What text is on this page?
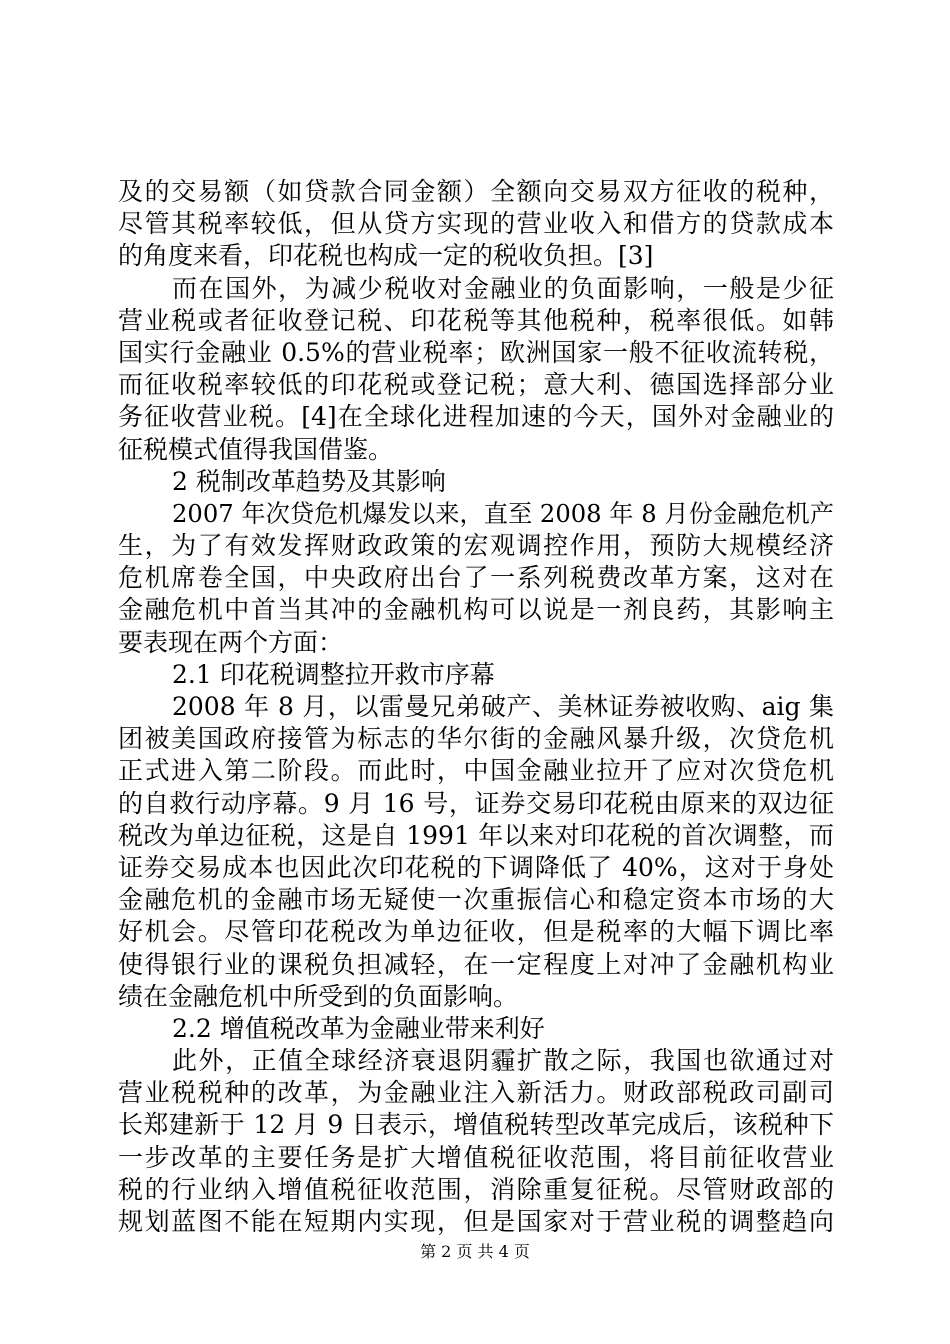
及的交易额（如贷款合同金额）全额向交易双方征收的税种，
尽管其税率较低，但从贷方实现的营业收入和借方的贷款成本
的角度来看，印花税也构成一定的税收负担。[3]
而在国外，为减少税收对金融业的负面影响，一般是少征
营业税或者征收登记税、印花税等其他税种，税率很低。如韩
国实行金融业 0.5%的营业税率；欧洲国家一般不征收流转税，
而征收税率较低的印花税或登记税；意大利、德国选择部分业
务征收营业税。[4]在全球化进程加速的今天，国外对金融业的
征税模式值得我国借鉴。
2 税制改革趋势及其影响
2007 年次贷危机爆发以来，直至 2008 年 8 月份金融危机产
生，为了有效发挥财政政策的宏观调控作用，预防大规模经济
危机席卷全国，中央政府出台了一系列税费改革方案，这对在
金融危机中首当其冲的金融机构可以说是一剂良药，其影响主
要表现在两个方面：
2.1 印花税调整拉开救市序幕
2008 年 8 月，以雷曼兄弟破产、美林证券被收购、aig 集
团被美国政府接管为标志的华尔街的金融风暴升级，次贷危机
正式进入第二阶段。而此时，中国金融业拉开了应对次贷危机
的自救行动序幕。9 月 16 号，证券交易印花税由原来的双边征
税改为单边征税，这是自 1991 年以来对印花税的首次调整，而
证券交易成本也因此次印花税的下调降低了 40%，这对于身处
金融危机的金融市场无疑使一次重振信心和稳定资本市场的大
好机会。尽管印花税改为单边征收，但是税率的大幅下调比率
使得银行业的课税负担减轻，在一定程度上对冲了金融机构业
绩在金融危机中所受到的负面影响。
2.2 增值税改革为金融业带来利好
此外，正值全球经济衰退阴霾扩散之际，我国也欲通过对
营业税税种的改革，为金融业注入新活力。财政部税政司副司
长郑建新于 12 月 9 日表示，增值税转型改革完成后，该税种下
一步改革的主要任务是扩大增值税征收范围，将目前征收营业
税的行业纳入增值税征收范围，消除重复征税。尽管财政部的
规划蓝图不能在短期内实现，但是国家对于营业税的调整趋向
第 2 页 共 4 页
